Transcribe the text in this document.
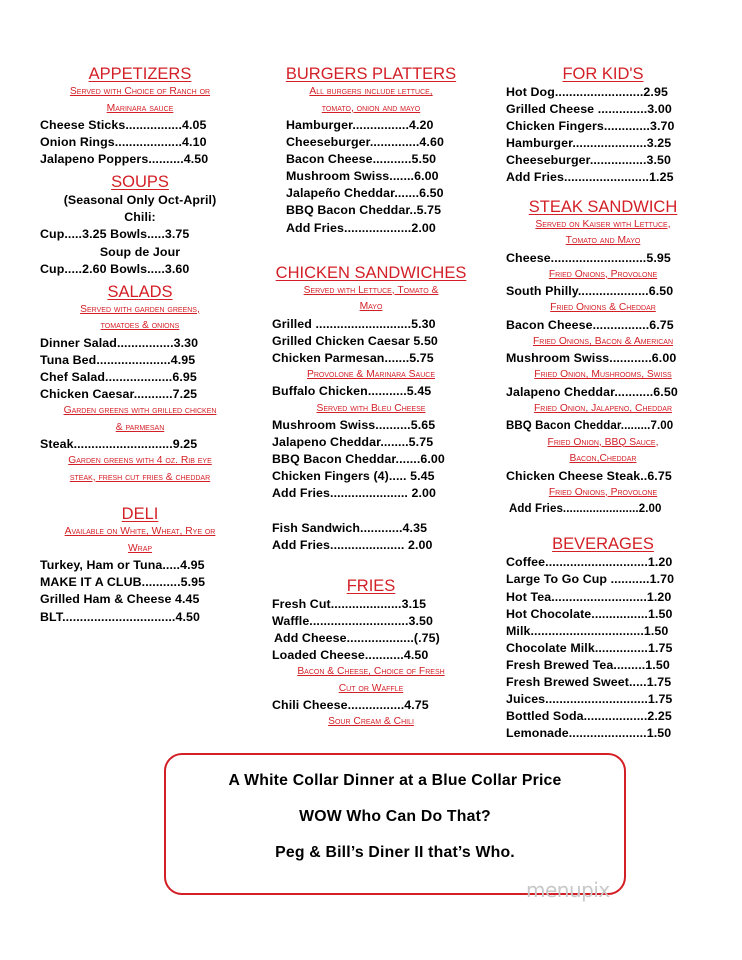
APPETIZERS
Served with Choice of Ranch or
Marinara sauce
Cheese Sticks................4.05
Onion Rings...................4.10
Jalapeno Poppers..........4.50
SOUPS
(Seasonal Only Oct-April)
Chili:
Cup.....3.25 Bowls.....3.75
Soup de Jour
Cup.....2.60 Bowls.....3.60
SALADS
Served with garden greens,
tomatoes & onions
Dinner Salad................3.30
Tuna Bed.....................4.95
Chef Salad...................6.95
Chicken Caesar...........7.25
Garden greens with grilled chicken
& parmesan
Steak............................9.25
Garden greens with 4 oz. Rib eye
steak, fresh cut fries & cheddar
DELI
Available on White, Wheat, Rye or
Wrap
Turkey, Ham or Tuna.....4.95
MAKE IT A CLUB...........5.95
Grilled Ham & Cheese 4.45
BLT................................4.50
BURGERS PLATTERS
All burgers include lettuce,
tomato, onion and mayo
Hamburger................4.20
Cheeseburger..............4.60
Bacon Cheese...........5.50
Mushroom Swiss.......6.00
Jalapeño Cheddar.......6.50
BBQ Bacon Cheddar..5.75
Add Fries...................2.00
CHICKEN SANDWICHES
Served with Lettuce, Tomato &
Mayo
Grilled ...........................5.30
Grilled Chicken Caesar 5.50
Chicken Parmesan.......5.75
Provolone & Marinara Sauce
Buffalo Chicken...........5.45
Served with Bleu Cheese
Mushroom Swiss..........5.65
Jalapeno Cheddar........5.75
BBQ Bacon Cheddar.......6.00
Chicken Fingers (4)..... 5.45
Add Fries...................... 2.00
Fish Sandwich............4.35
Add Fries..................... 2.00
FRIES
Fresh Cut....................3.15
Waffle............................3.50
Add Cheese...................(.75)
Loaded Cheese...........4.50
Bacon & Cheese, Choice of Fresh
Cut or Waffle
Chili Cheese................4.75
Sour Cream & Chili
FOR KID'S
Hot Dog.........................2.95
Grilled Cheese ..............3.00
Chicken Fingers.............3.70
Hamburger.....................3.25
Cheeseburger................3.50
Add Fries........................1.25
STEAK SANDWICH
Served on Kaiser with Lettuce,
Tomato and Mayo
Cheese...........................5.95
Fried Onions, Provolone
South Philly....................6.50
Fried Onions & Cheddar
Bacon Cheese................6.75
Fried Onions, Bacon & American
Mushroom Swiss............6.00
Fried Onion, Mushrooms, Swiss
Jalapeno Cheddar...........6.50
Fried Onion, Jalapeno, Cheddar
BBQ Bacon Cheddar.........7.00
Fried Onion, BBQ Sauce,
Bacon,Cheddar
Chicken Cheese Steak..6.75
Fried Onions, Provolone
Add Fries.......................2.00
BEVERAGES
Coffee.............................1.20
Large To Go Cup ...........1.70
Hot Tea...........................1.20
Hot Chocolate................1.50
Milk................................1.50
Chocolate Milk...............1.75
Fresh Brewed Tea.........1.50
Fresh Brewed Sweet.....1.75
Juices.............................1.75
Bottled Soda..................2.25
Lemonade......................1.50
A White Collar Dinner at a Blue Collar Price
WOW Who Can Do That?
Peg & Bill’s Diner II that’s Who.
menupix
